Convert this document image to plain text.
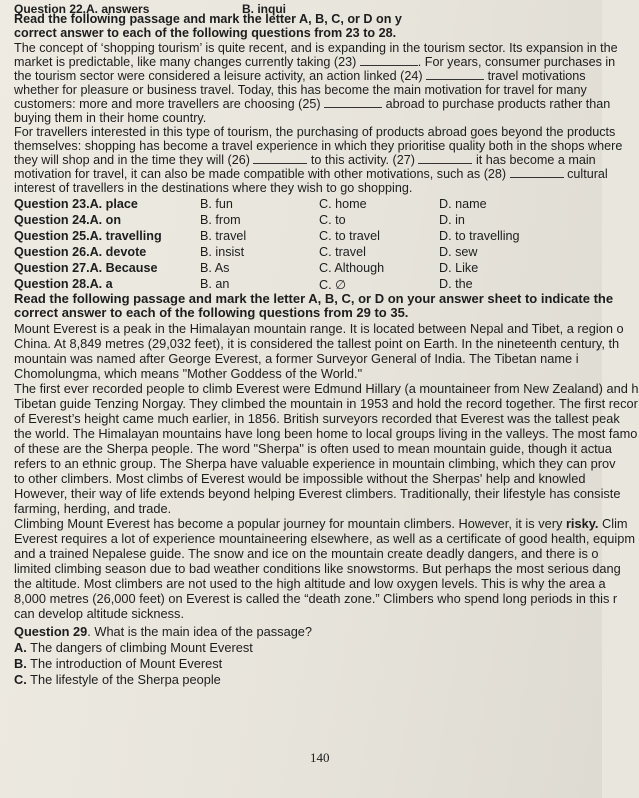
Question 22.A. answers	B. inqui
Read the following passage and mark the letter A, B, C, or D on y
correct answer to each of the following questions from 23 to 28.
The concept of ‘shopping tourism’ is quite recent, and is expanding in the tourism sector. Its expansion in the
market is predictable, like many changes currently taking (23)	. For years, consumer purchases in
the tourism sector were considered a leisure activity, an action linked (24)	travel motivations
whether for pleasure or business travel. Today, this has become the main motivation for travel for many
customers: more and more travellers are choosing (25)	abroad to purchase products rather than
buying them in their home country.
For travellers interested in this type of tourism, the purchasing of products abroad goes beyond the products
themselves: shopping has become a travel experience in which they prioritise quality both in the shops where
they will shop and in the time they will (26)	to this activity. (27)	it has become a main
motivation for travel, it can also be made compatible with other motivations, such as (28)	cultural
interest of travellers in the destinations where they wish to go shopping.
Question 23.A. place	B. fun	C. home	D. name
Question 24.A. on	B. from	C. to	D. in
Question 25.A. travelling	B. travel	C. to travel	D. to travelling
Question 26.A. devote	B. insist	C. travel	D. sew
Question 27.A. Because	B. As	C. Although	D. Like
Question 28.A. a	B. an	C. ∅	D. the
Read the following passage and mark the letter A, B, C, or D on your answer sheet to indicate the
correct answer to each of the following questions from 29 to 35.
Mount Everest is a peak in the Himalayan mountain range. It is located between Nepal and Tibet, a region o
China. At 8,849 metres (29,032 feet), it is considered the tallest point on Earth. In the nineteenth century, th
mountain was named after George Everest, a former Surveyor General of India. The Tibetan name i
Chomolungma, which means "Mother Goddess of the World."
The first ever recorded people to climb Everest were Edmund Hillary (a mountaineer from New Zealand) and h
Tibetan guide Tenzing Norgay. They climbed the mountain in 1953 and hold the record together. The first recor
of Everest’s height came much earlier, in 1856. British surveyors recorded that Everest was the tallest peak
the world. The Himalayan mountains have long been home to local groups living in the valleys. The most famo
of these are the Sherpa people. The word "Sherpa" is often used to mean mountain guide, though it actua
refers to an ethnic group. The Sherpa have valuable experience in mountain climbing, which they can prov
to other climbers. Most climbs of Everest would be impossible without the Sherpas' help and knowled
However, their way of life extends beyond helping Everest climbers. Traditionally, their lifestyle has consiste
farming, herding, and trade.
Climbing Mount Everest has become a popular journey for mountain climbers. However, it is very risky. Clim
Everest requires a lot of experience mountaineering elsewhere, as well as a certificate of good health, equipm
and a trained Nepalese guide. The snow and ice on the mountain create deadly dangers, and there is o
limited climbing season due to bad weather conditions like snowstorms. But perhaps the most serious dang
the altitude. Most climbers are not used to the high altitude and low oxygen levels. This is why the area a
8,000 metres (26,000 feet) on Everest is called the “death zone.” Climbers who spend long periods in this r
can develop altitude sickness.
Question 29. What is the main idea of the passage?
A. The dangers of climbing Mount Everest
B. The introduction of Mount Everest
C. The lifestyle of the Sherpa people
140
